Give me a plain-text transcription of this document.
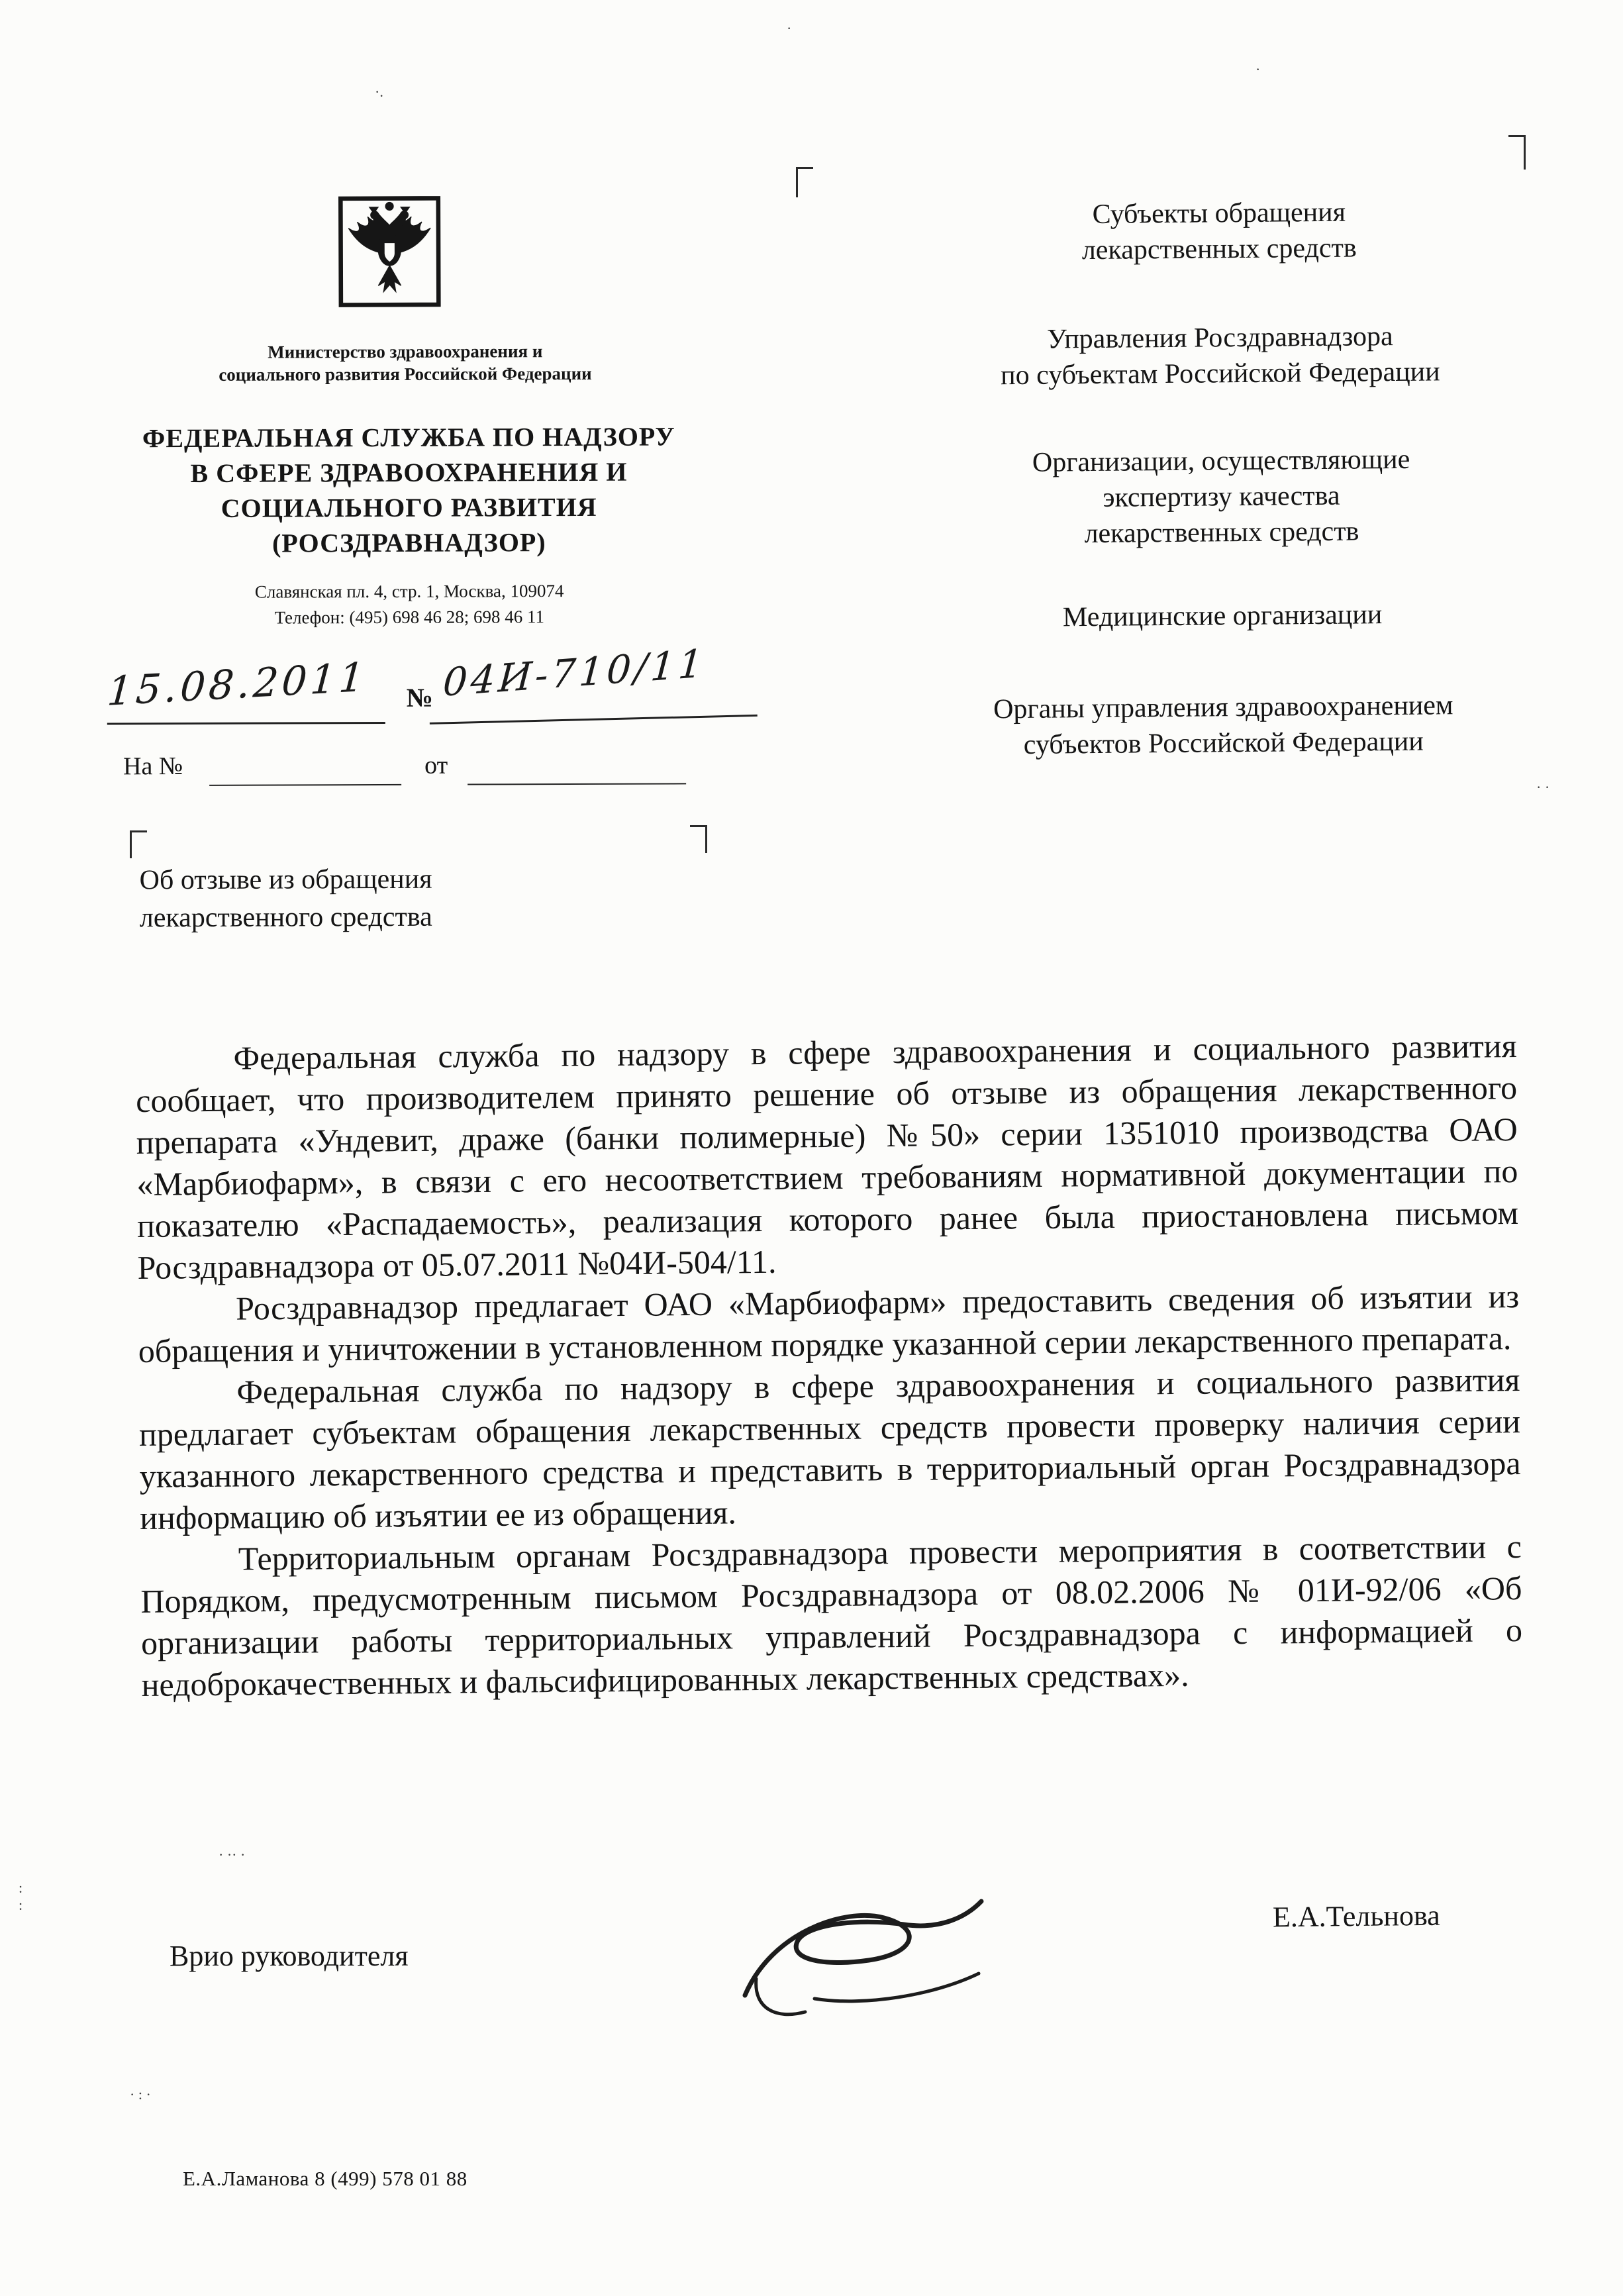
·
·
·.
· ·
· ·· ·
:
:
· : ·
Министерство здравоохранения и
социального развития Российской Федерации
ФЕДЕРАЛЬНАЯ СЛУЖБА ПО НАДЗОРУ
В СФЕРЕ ЗДРАВООХРАНЕНИЯ И
СОЦИАЛЬНОГО РАЗВИТИЯ
(РОСЗДРАВНАДЗОР)
Славянская пл. 4, стр. 1, Москва, 109074
Телефон: (495) 698 46 28; 698 46 11
15.08.2011 № 04И-710/11
На №	от
Об отзыве из обращения
лекарственного средства
Субъекты обращения
лекарственных средств
Управления Росздравнадзора
по субъектам Российской Федерации
Организации, осуществляющие
экспертизу качества
лекарственных средств
Медицинские организации
Органы управления здравоохранением
субъектов Российской Федерации

Федеральная служба по надзору в сфере здравоохранения и социального развития сообщает, что производителем принято решение об отзыве из обращения лекарственного препарата «Ундевит, драже (банки полимерные) №50» серии 1351010 производства ОАО «Марбиофарм», в связи с его несоответствием требованиям нормативной документации по показателю «Распадаемость», реализация которого ранее была приостановлена письмом Росздравнадзора от 05.07.2011 №04И-504/11.

Росздравнадзор предлагает ОАО «Марбиофарм» предоставить сведения об изъятии из обращения и уничтожении в установленном порядке указанной серии лекарственного препарата.

Федеральная служба по надзору в сфере здравоохранения и социального развития предлагает субъектам обращения лекарственных средств провести проверку наличия серии указанного лекарственного средства и представить в территориальный орган Росздравнадзора информацию об изъятии ее из обращения.

Территориальным органам Росздравнадзора провести мероприятия в соответствии с Порядком, предусмотренным письмом Росздравнадзора от 08.02.2006 № 01И-92/06 «Об организации работы территориальных управлений Росздравнадзора с информацией о недоброкачественных и фальсифицированных лекарственных средствах».

Врио руководителя
Е.А.Тельнова
Е.А.Ламанова 8 (499) 578 01 88
